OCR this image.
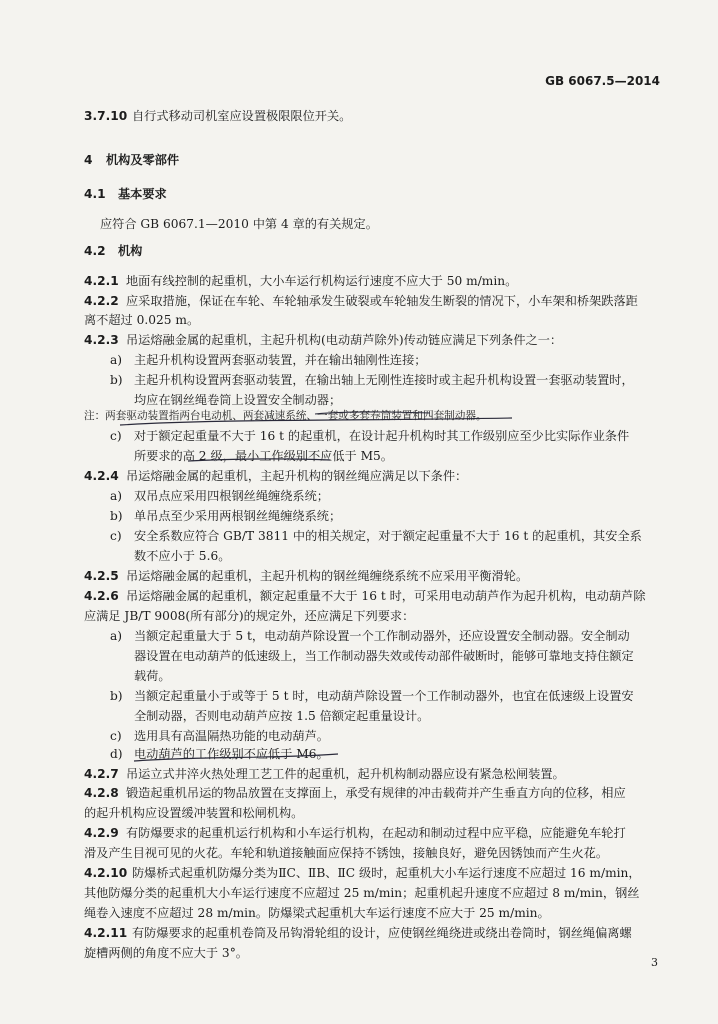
GB 6067.5—2014
3.7.10 自行式移动司机室应设置极限限位开关。
4 机构及零部件
4.1 基本要求
应符合 GB 6067.1—2010 中第 4 章的有关规定。
4.2 机构
4.2.1 地面有线控制的起重机，大小车运行机构运行速度不应大于 50 m/min。
4.2.2 应采取措施，保证在车轮、车轮轴承发生破裂或车轮轴发生断裂的情况下，小车架和桥架跌落距
离不超过 0.025 m。
4.2.3 吊运熔融金属的起重机，主起升机构(电动葫芦除外)传动链应满足下列条件之一：
a) 主起升机构设置两套驱动装置，并在输出轴刚性连接；
b) 主起升机构设置两套驱动装置，在输出轴上无刚性连接时或主起升机构设置一套驱动装置时，
均应在钢丝绳卷筒上设置安全制动器；
注：两套驱动装置指两台电动机、两套减速系统、一套或多套卷筒装置和四套制动器。
c) 对于额定起重量不大于 16 t 的起重机，在设计起升机构时其工作级别应至少比实际作业条件
所要求的高 2 级，最小工作级别不应低于 M5。
4.2.4 吊运熔融金属的起重机，主起升机构的钢丝绳应满足以下条件：
a) 双吊点应采用四根钢丝绳缠绕系统；
b) 单吊点至少采用两根钢丝绳缠绕系统；
c) 安全系数应符合 GB/T 3811 中的相关规定，对于额定起重量不大于 16 t 的起重机，其安全系
数不应小于 5.6。
4.2.5 吊运熔融金属的起重机，主起升机构的钢丝绳缠绕系统不应采用平衡滑轮。
4.2.6 吊运熔融金属的起重机，额定起重量不大于 16 t 时，可采用电动葫芦作为起升机构，电动葫芦除
应满足 JB/T 9008(所有部分)的规定外，还应满足下列要求：
a) 当额定起重量大于 5 t，电动葫芦除设置一个工作制动器外，还应设置安全制动器。安全制动
器设置在电动葫芦的低速级上，当工作制动器失效或传动部件破断时，能够可靠地支持住额定
载荷。
b) 当额定起重量小于或等于 5 t 时，电动葫芦除设置一个工作制动器外，也宜在低速级上设置安
全制动器，否则电动葫芦应按 1.5 倍额定起重量设计。
c) 选用具有高温隔热功能的电动葫芦。
d) 电动葫芦的工作级别不应低于 M6。
4.2.7 吊运立式井淬火热处理工艺工件的起重机，起升机构制动器应设有紧急松闸装置。
4.2.8 锻造起重机吊运的物品放置在支撑面上，承受有规律的冲击载荷并产生垂直方向的位移，相应
的起升机构应设置缓冲装置和松闸机构。
4.2.9 有防爆要求的起重机运行机构和小车运行机构，在起动和制动过程中应平稳，应能避免车轮打
滑及产生目视可见的火花。车轮和轨道接触面应保持不锈蚀，接触良好，避免因锈蚀而产生火花。
4.2.10 防爆桥式起重机防爆分类为ⅡC、ⅡB、ⅡC 级时，起重机大小车运行速度不应超过 16 m/min，
其他防爆分类的起重机大小车运行速度不应超过 25 m/min；起重机起升速度不应超过 8 m/min，钢丝
绳卷入速度不应超过 28 m/min。防爆梁式起重机大车运行速度不应大于 25 m/min。
4.2.11 有防爆要求的起重机卷筒及吊钩滑轮组的设计，应使钢丝绳绕进或绕出卷筒时，钢丝绳偏离螺
旋槽两侧的角度不应大于 3°。
3
